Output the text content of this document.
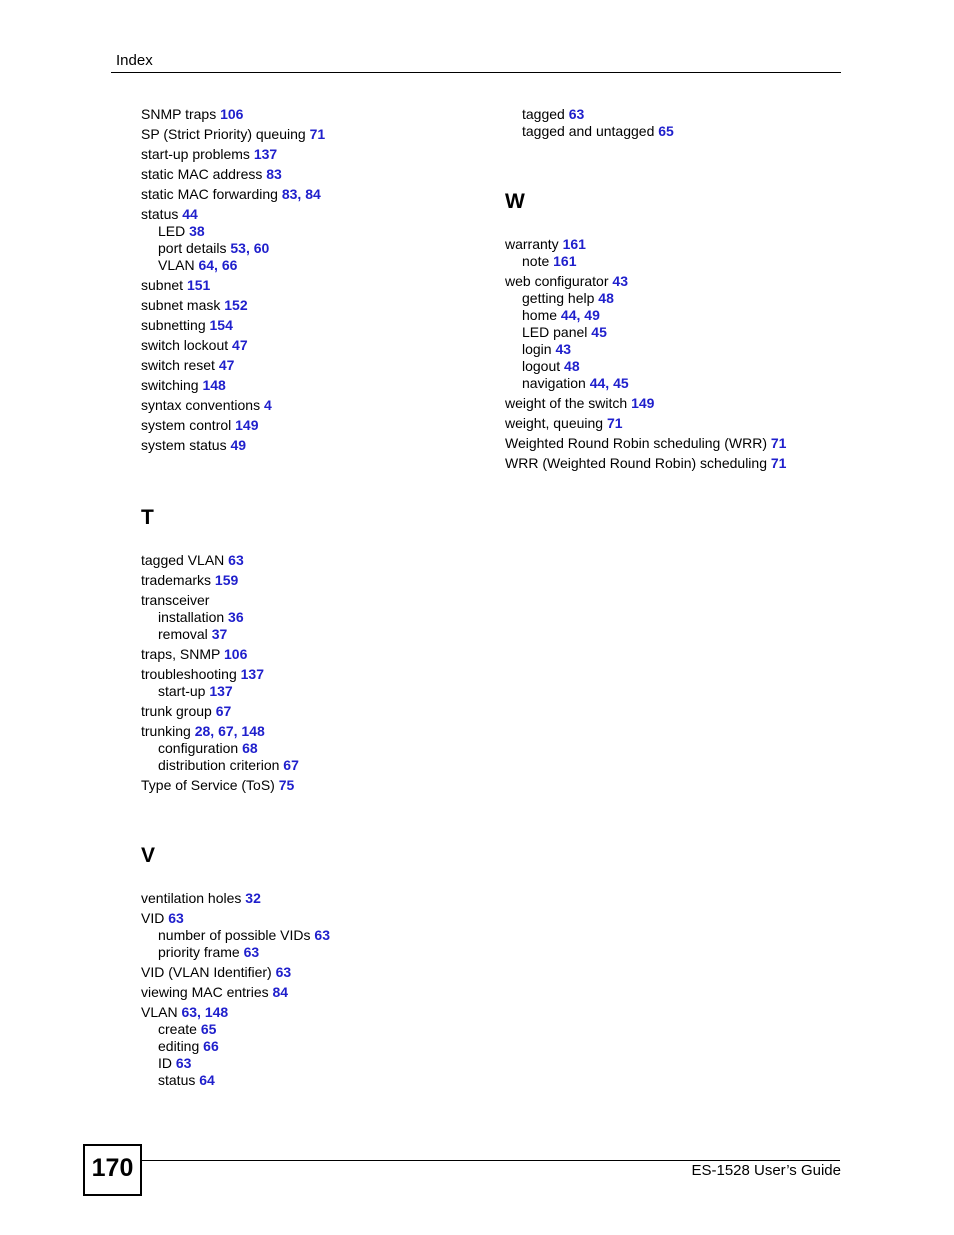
Index
SNMP traps 106
SP (Strict Priority) queuing 71
start-up problems 137
static MAC address 83
static MAC forwarding 83, 84
status 44
LED 38
port details 53, 60
VLAN 64, 66
subnet 151
subnet mask 152
subnetting 154
switch lockout 47
switch reset 47
switching 148
syntax conventions 4
system control 149
system status 49
T
tagged VLAN 63
trademarks 159
transceiver
installation 36
removal 37
traps, SNMP 106
troubleshooting 137
start-up 137
trunk group 67
trunking 28, 67, 148
configuration 68
distribution criterion 67
Type of Service (ToS) 75
V
ventilation holes 32
VID 63
number of possible VIDs 63
priority frame 63
VID (VLAN Identifier) 63
viewing MAC entries 84
VLAN 63, 148
create 65
editing 66
ID 63
status 64
tagged 63
tagged and untagged 65
W
warranty 161
note 161
web configurator 43
getting help 48
home 44, 49
LED panel 45
login 43
logout 48
navigation 44, 45
weight of the switch 149
weight, queuing 71
Weighted Round Robin scheduling (WRR) 71
WRR (Weighted Round Robin) scheduling 71
170	ES-1528 User’s Guide
